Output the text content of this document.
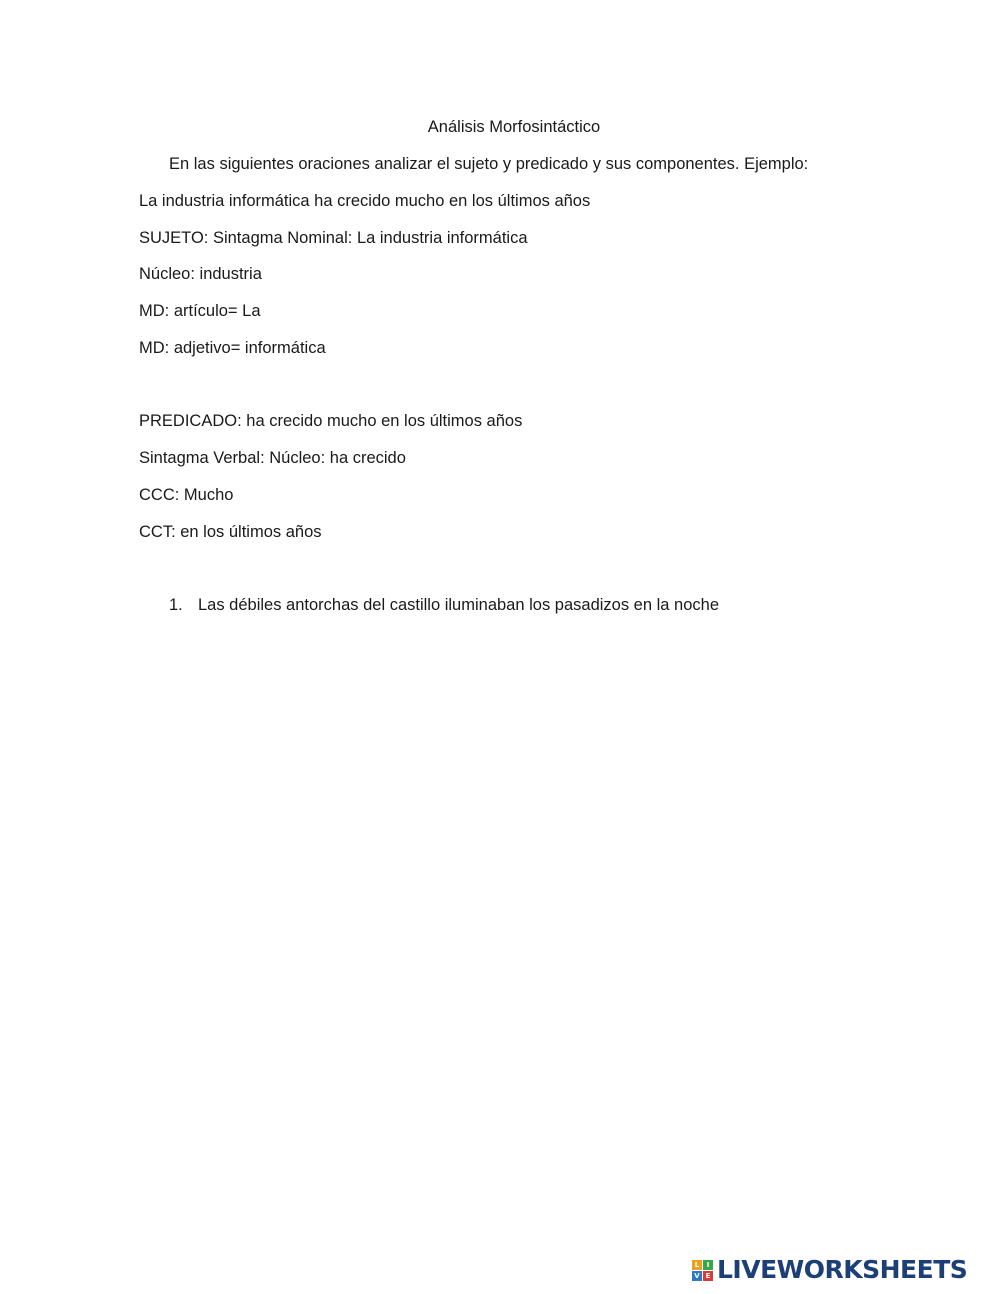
Análisis Morfosintáctico
En las siguientes oraciones analizar el sujeto y predicado y sus componentes. Ejemplo:
La industria informática ha crecido mucho en los últimos años
SUJETO: Sintagma Nominal: La industria informática
Núcleo: industria
MD: artículo= La
MD: adjetivo= informática
PREDICADO: ha crecido mucho en los últimos años
Sintagma Verbal: Núcleo: ha crecido
CCC: Mucho
CCT: en los últimos años
1. Las débiles antorchas del castillo iluminaban los pasadizos en la noche
L	I
V E LIVEWORKSHEETS
